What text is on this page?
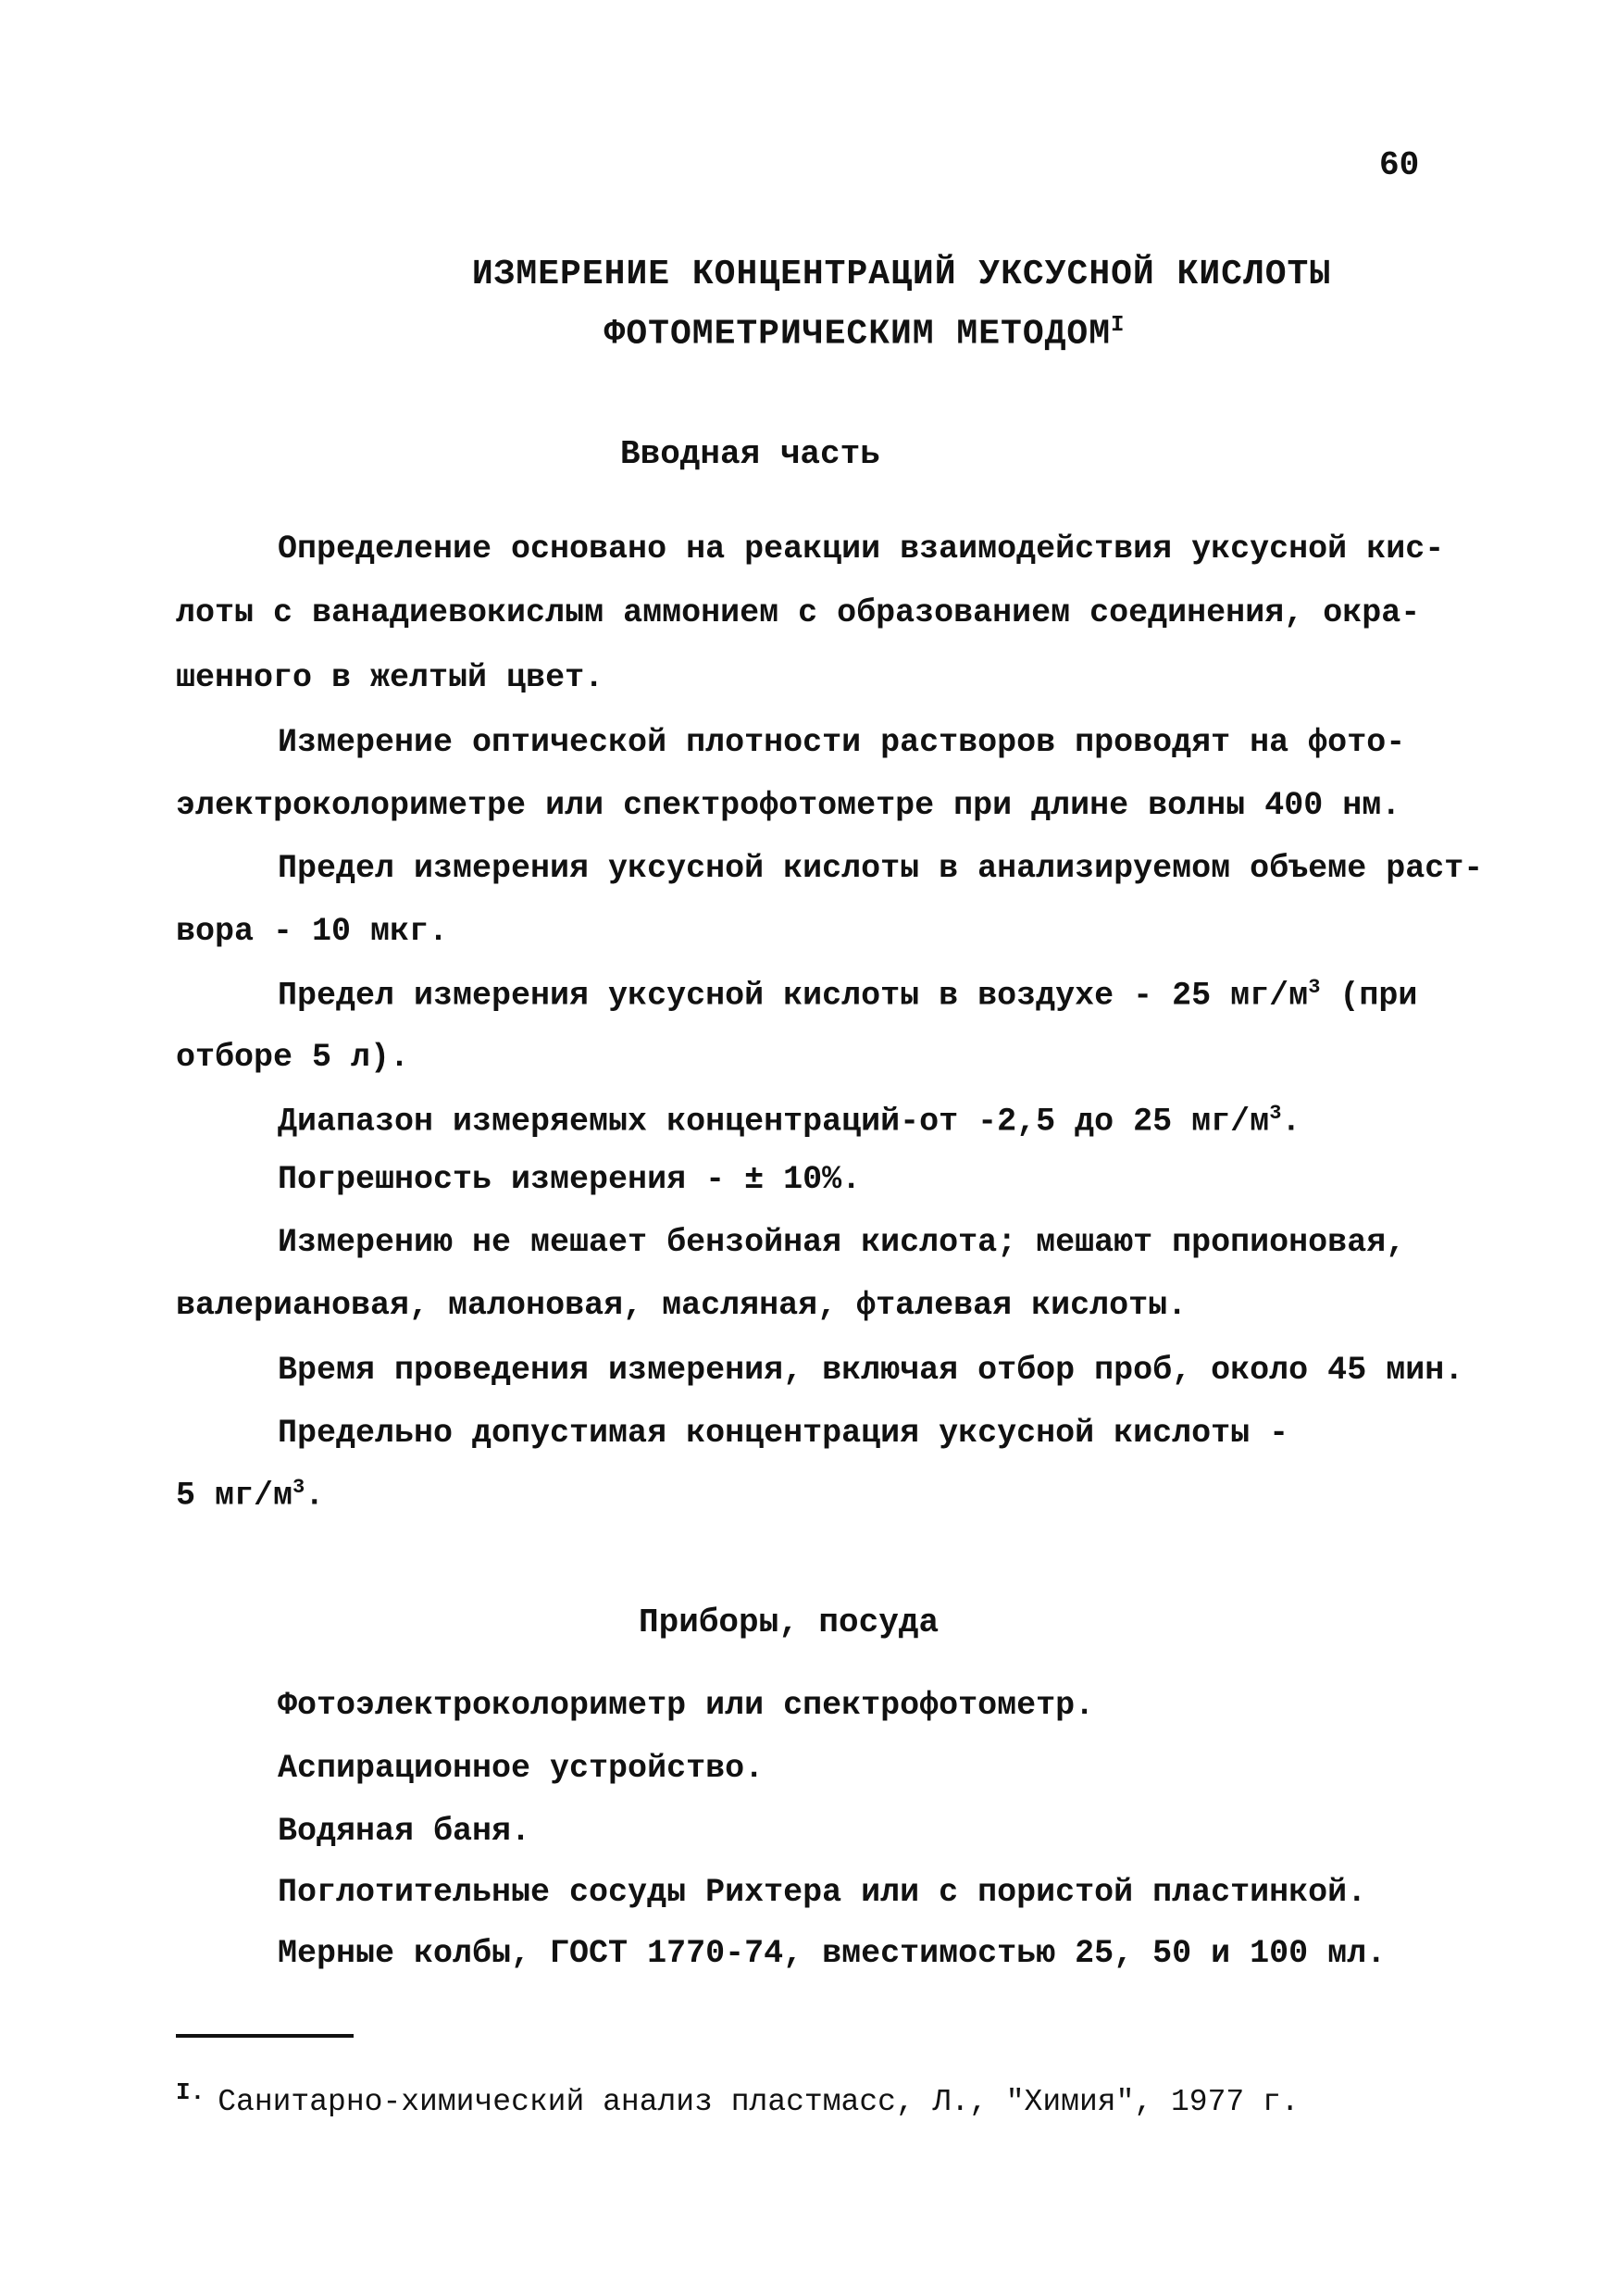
60
ИЗМЕРЕНИЕ КОНЦЕНТРАЦИЙ УКСУСНОЙ КИСЛОТЫ
ФОТОМЕТРИЧЕСКИМ $МЕТОДОМ^I$
Вводная часть
Определение основано на реакции взаимодействия уксусной кис-
лоты с ванадиевокислым аммонием с образованием соединения, окра-
шенного в желтый цвет.
Измерение оптической плотности растворов проводят на фото-
электроколориметре или спектрофотометре при длине волны 400 нм.
Предел измерения уксусной кислоты в анализируемом объеме раст-
вора - 10 мкг.
Предел измерения уксусной кислоты в воздухе - 25 $мг/м^3$ (при
отборе 5 л).
Диапазон измеряемых концентраций-от -2,5 до 25 $мг/м^3$.
Погрешность измерения - ± 10%.
Измерению не мешает бензойная кислота; мешают пропионовая,
валериановая, малоновая, масляная, фталевая кислоты.
Время проведения измерения, включая отбор проб, около 45 мин.
Предельно допустимая концентрация уксусной кислоты -
5 $мг/м^3$.
Приборы, посуда
Фотоэлектроколориметр или спектрофотометр.
Аспирационное устройство.
Водяная баня.
Поглотительные сосуды Рихтера или с пористой пластинкой.
Мерные колбы, ГОСТ 1770-74, вместимостью 25, 50 и 100 мл.
$^{I.}$ Санитарно-химический анализ пластмасс, Л., "Химия", 1977 г.
